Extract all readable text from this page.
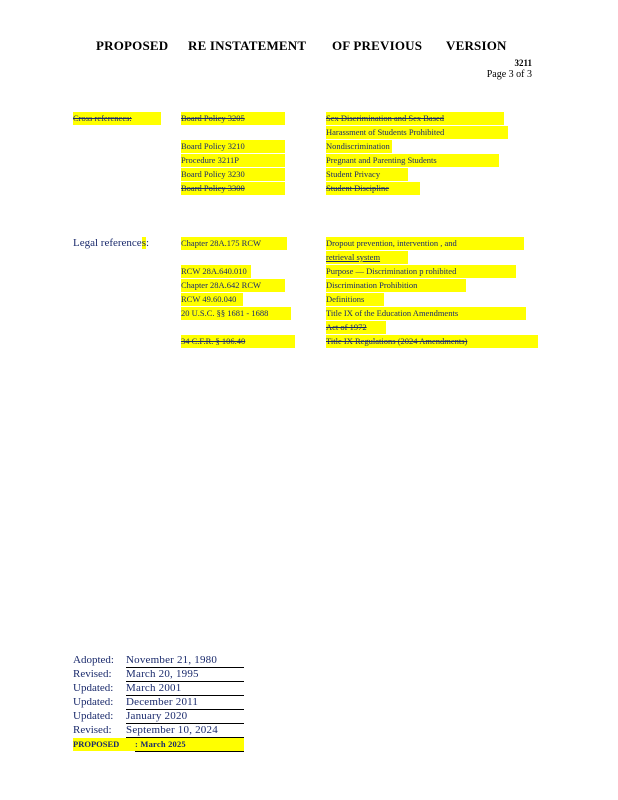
PROPOSED RE INSTATEMENT OF PREVIOUS VERSION
3211
Page 3 of 3
Cross references:	Board Policy 3205	Sex Discrimination and Sex Based
Harassment of Students Prohibited
Board Policy 3210	Nondiscrimination
Procedure 3211P	Pregnant and Parenting Students
Board Policy 3230	Student Privacy
Board Policy 3300	Student Discipline
Legal references:	Chapter 28A.175 RCW	Dropout prevention, intervention , and
retrieval system
RCW 28A.640.010	Purpose — Discrimination p rohibited
Chapter 28A.642 RCW	Discrimination Prohibition
RCW 49.60.040	Definitions
20 U.S.C. §§ 1681 - 1688	Title IX of the Education Amendments
Act of 1972
34 C.F.R. § 106.40	Title IX Regulations (2024 Amendments)
Adopted:	November 21, 1980
Revised:	March 20, 1995
Updated:	March 2001
Updated:	December 2011
Updated:	January 2020
Revised:	September 10, 2024
PROPOSED	: March 2025
